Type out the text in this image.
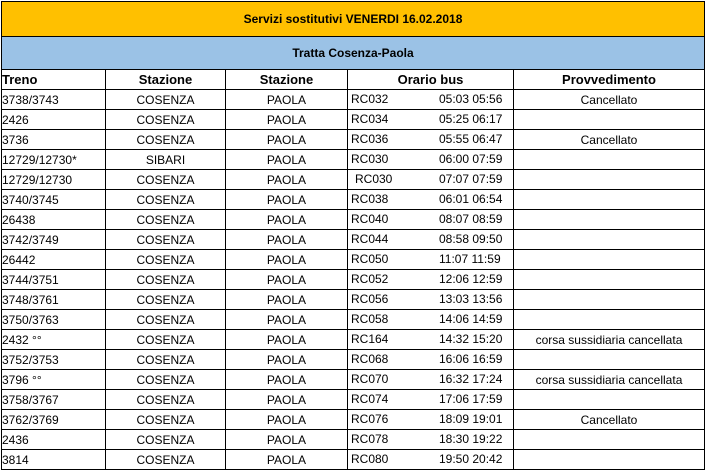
Servizi sostitutivi VENERDI 16.02.2018				
Tratta Cosenza-Paola				
Treno	Stazione	Stazione	Orario bus	Provvedimento
3738/3743	COSENZA	PAOLA	RC032 05:03 05:56	Cancellato
2426	COSENZA	PAOLA	RC034 05:25 06:17	

3736	COSENZA	PAOLA	RC036 05:55 06:47	Cancellato
12729/12730*	SIBARI	PAOLA	RC030 06:00 07:59	

12729/12730	COSENZA	PAOLA	RC030 07:07 07:59	

3740/3745	COSENZA	PAOLA	RC038 06:01 06:54	

26438	COSENZA	PAOLA	RC040 08:07 08:59	

3742/3749	COSENZA	PAOLA	RC044 08:58 09:50	

26442	COSENZA	PAOLA	RC050 11:07 11:59	

3744/3751	COSENZA	PAOLA	RC052 12:06 12:59	

3748/3761	COSENZA	PAOLA	RC056 13:03 13:56	

3750/3763	COSENZA	PAOLA	RC058 14:06 14:59	

2432 °°	COSENZA	PAOLA	RC164 14:32 15:20	corsa sussidiaria cancellata
3752/3753	COSENZA	PAOLA	RC068 16:06 16:59	

3796 °°	COSENZA	PAOLA	RC070 16:32 17:24	corsa sussidiaria cancellata
3758/3767	COSENZA	PAOLA	RC074 17:06 17:59	

3762/3769	COSENZA	PAOLA	RC076 18:09 19:01	Cancellato
2436	COSENZA	PAOLA	RC078 18:30 19:22	

3814	COSENZA	PAOLA	RC080 19:50 20:42	
